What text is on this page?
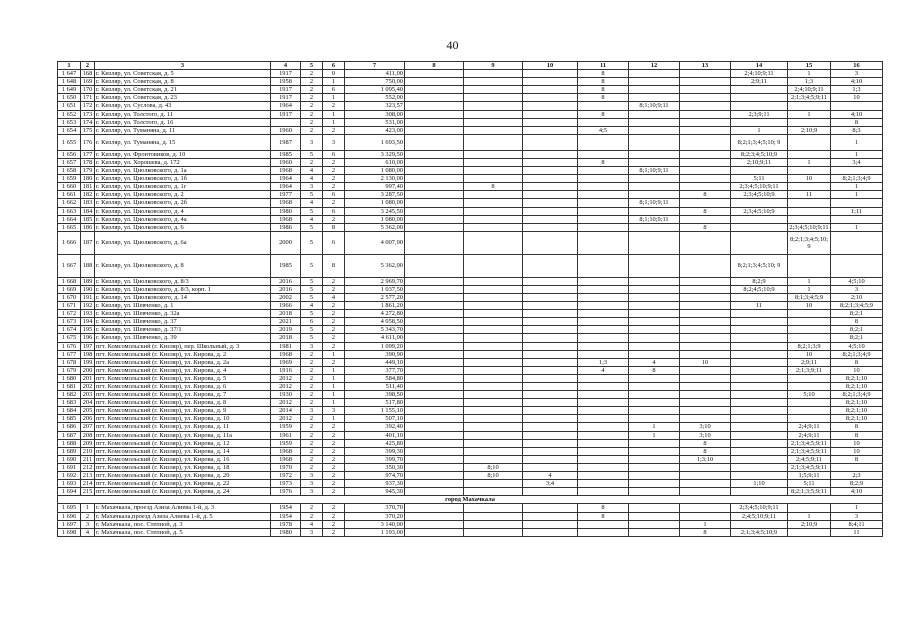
40
1	2	3	4	5	6	7	8	9	10	11	12	13	14	15	16
1 647	168	г. Кизляр, ул. Советская, д. 5	1917	2	0	411,00				8			2;4;10;9;11	1	3
1 648	169	г. Кизляр, ул. Советская, д. 8	1958	2	1	750,00				8			2;9;11	1;3	4;10
1 649	170	г. Кизляр, ул. Советская, д. 21	1917	2	6	1 095,40				8				2;4;10;9;11	1;3
1 650	171	г. Кизляр, ул. Советская, д. 23	1917	2	1	552,00				8				2;1;3;4;5;9;11	10
1 651	172	г. Кизляр, ул. Суслова, д. 43	1964	2	2	323,57					8;1;10;9;11				
1 652	173	г. Кизляр, ул. Толстого, д. 11	1917	2	1	308,00				8			2;3;9;11	1	4;10
1 653	174	г. Кизляр, ул. Толстого, д. 16		2	1	531,00									8
1 654	175	г. Кизляр, ул. Туманяна, д. 11	1960	2	2	423,00				4;5			1	2;10;9	8;3
1 655	176	г. Кизляр, ул. Туманяна, д. 15	1987	3	3	1 693,50							8;2;1;3;4;5;10; 9		1
1 656	177	г. Кизляр, ул. Фронтовиков, д. 10	1985	5	6	3 329,50							8;2;3;4;5;10;9		1
1 657	178	г. Кизляр, ул. Хорошева, д. 172	1960	2	2	610,00				8			2;10;9;11	1	3;4
1 658	179	г. Кизляр, ул. Циолковского, д. 1а	1968	4	2	1 080,00					8;1;10;9;11				
1 659	180	г. Кизляр, ул. Циолковского, д. 1б	1964	4	2	2 130,00							5;11	10	8;2;1;3;4;9
1 660	181	г. Кизляр, ул. Циолковского, д. 1г	1964	3	2	997,40		8					2;3;4;5;10;9;11		1
1 661	182	г. Кизляр, ул. Циолковского, д. 2	1977	5	6	3 287,50						8	2;3;4;5;10;9	11	1
1 662	183	г. Кизляр, ул. Циолковского, д. 2б	1968	4	2	1 080,00					8;1;10;9;11				
1 663	184	г. Кизляр, ул. Циолковского, д. 4	1980	5	6	3 245,50						8	2;3;4;5;10;9		1;11
1 664	185	г. Кизляр, ул. Циолковского, д. 4а	1968	4	2	1 080,00					8;1;10;9;11				
1 665	186	г. Кизляр, ул. Циолковского, д. 6	1986	5	8	5 362,00						8		2;3;4;5;10;9;11	1
1 666	187	г. Кизляр, ул. Циолковского, д. 6а	2000	5	6	4 007,00								8;2;1;3;4;5;10; 9	
1 667	188	г. Кизляр, ул. Циолковского, д. 8	1985	5	8	5 362,00							8;2;1;3;4;5;10; 9		
1 668	189	г. Кизляр, ул. Циолковского, д. 8/3	2016	5	2	2 969,70							8;2;9	1	4;5;10
1 669	190	г. Кизляр, ул. Циолковского, д. 8/3, корп. 1	2016	5	2	1 037,50							8;2;4;5;10;9	1	3
1 670	191	г. Кизляр, ул. Циолковского, д. 14	2002	5	4	2 577,20								8;1;3;4;5;9	2;10
1 671	192	г. Кизляр, ул. Шевченко, д. 1	1966	4	2	1 861,20							11	10	8;2;1;3;4;5;9
1 672	193	г. Кизляр, ул. Шевченко, д. 32а	2018	5	2	4 272,80									8;2;1
1 673	194	г. Кизляр, ул. Шевченко, д. 37	2021	6	2	4 058,50									8
1 674	195	г. Кизляр, ул. Шевченко, д. 37/1	2019	5	2	5 343,70									8;2;1
1 675	196	г. Кизляр, ул. Шевченко, д. 39	2018	5	2	4 611,00									8;2;1
1 676	197	пгт. Комсомольский (г. Кизляр), пер. Школьный, д. 3	1981	3	2	1 099,20								8;2;1;3;9	4;5;10
1 677	198	пгт. Комсомольский (г. Кизляр), ул. Кирова, д. 2	1968	2	1	390,90								10	8;2;1;3;4;9
1 678	199	пгт. Комсомольский (г. Кизляр), ул. Кирова, д. 2а	1969	2	2	449,10				1;3	4	10		2;9;11	8
1 679	200	пгт. Комсомольский (г. Кизляр), ул. Кирова, д. 4	1916	2	1	377,70				4	8			2;1;3;9;11	10
1 680	201	пгт. Комсомольский (г. Кизляр), ул. Кирова, д. 5	2012	2	1	584,80									8;2;1;10
1 681	202	пгт. Комсомольский (г. Кизляр), ул. Кирова, д. 6	2012	2	1	511,40									8;2;1;10
1 682	203	пгт. Комсомольский (г. Кизляр), ул. Кирова, д. 7	1930	2	1	398,50								5;10	8;2;1;3;4;9
1 683	204	пгт. Комсомольский (г. Кизляр), ул. Кирова, д. 8	2012	2	1	517,80									8;2;1;10
1 684	205	пгт. Комсомольский (г. Кизляр), ул. Кирова, д. 9	2014	3	3	1 155,10									8;2;1;10
1 685	206	пгт. Комсомольский (г. Кизляр), ул. Кирова, д. 10	2012	2	1	507,10									8;2;1;10
1 686	207	пгт. Комсомольский (г. Кизляр), ул. Кирова, д. 11	1959	2	2	392,40					1	3;10		2;4;9;11	8
1 687	208	пгт. Комсомольский (г. Кизляр), ул. Кирова, д. 11а	1961	2	2	401,10					1	3;10		2;4;9;11	8
1 688	209	пгт. Комсомольский (г. Кизляр), ул. Кирова, д. 12	1959	2	2	425,80						8		2;1;3;4;5;9;11	10
1 689	210	пгт. Комсомольский (г. Кизляр), ул. Кирова, д. 14	1968	2	2	399,30						8		2;1;3;4;5;9;11	10
1 690	211	пгт. Комсомольский (г. Кизляр), ул. Кирова, д. 16	1968	2	2	399,70						1;3;10		2;4;5;9;11	8
1 691	212	пгт. Комсомольский (г. Кизляр), ул. Кирова, д. 18	1970	2	2	350,30		8;10						2;1;3;4;5;9;11	
1 692	213	пгт. Комсомольский (г. Кизляр), ул. Кирова, д. 20	1972	3	2	974,70		8;10	4					1;5;9;11	2;3
1 693	214	пгт. Комсомольский (г. Кизляр), ул. Кирова, д. 22	1973	3	2	937,30			3;4				1;10	5;11	8;2;9
1 694	215	пгт. Комсомольский (г. Кизляр), ул. Кирова, д. 24	1976	3	2	945,30								8;2;1;3;5;9;11	4;10
город Махачкала															
1 695	1	г. Махачкала, проезд Азиза Алиева 1-й, д. 3	1954	2	2	370,70				8			2;3;4;5;10;9;11		1
1 696	2	г. Махачкала,проезд Азиза Алиева 1-й, д. 5	1954	2	2	370,20				8			2;4;5;10;9;11	1	3
1 697	3	г. Махачкала, пос. Степной, д. 3	1978	4	2	3 140,00						1		2;10;9	8;4;11
1 698	4	г. Махачкала, пос. Степной, д. 5	1980	3	2	1 193,00						8	2;1;3;4;5;10;9		11
